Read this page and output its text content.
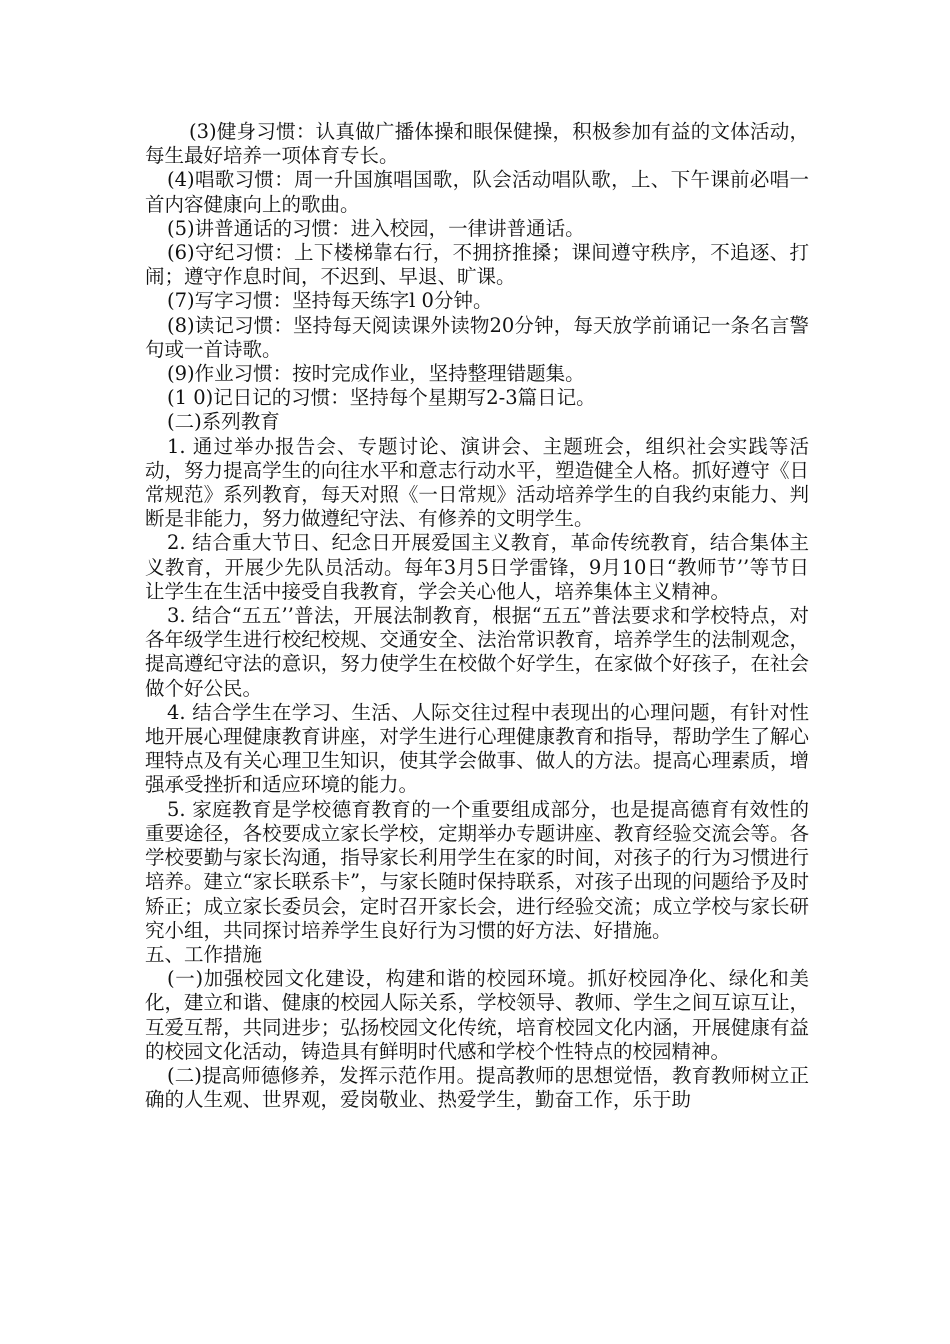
(3)健身习惯：认真做广播体操和眼保健操，积极参加有益的文体活动，每生最好培养一项体育专长。

(4)唱歌习惯：周一升国旗唱国歌，队会活动唱队歌，上、下午课前必唱一首内容健康向上的歌曲。

(5)讲普通话的习惯：进入校园，一律讲普通话。

(6)守纪习惯：上下楼梯靠右行，不拥挤推搡；课间遵守秩序，不追逐、打闹；遵守作息时间，不迟到、早退、旷课。

(7)写字习惯：坚持每天练字l 0分钟。

(8)读记习惯：坚持每天阅读课外读物20分钟，每天放学前诵记一条名言警句或一首诗歌。

(9)作业习惯：按时完成作业，坚持整理错题集。

(1 0)记日记的习惯：坚持每个星期写2-3篇日记。

(二)系列教育

1. 通过举办报告会、专题讨论、演讲会、主题班会，组织社会实践等活动，努力提高学生的向往水平和意志行动水平，塑造健全人格。抓好遵守《日常规范》系列教育，每天对照《一日常规》活动培养学生的自我约束能力、判断是非能力，努力做遵纪守法、有修养的文明学生。

2. 结合重大节日、纪念日开展爱国主义教育，革命传统教育，结合集体主义教育，开展少先队员活动。每年3月5日学雷锋，9月10日“教师节’’等节日让学生在生活中接受自我教育，学会关心他人，培养集体主义精神。

3. 结合“五五’’普法，开展法制教育，根据“五五”普法要求和学校特点，对各年级学生进行校纪校规、交通安全、法治常识教育，培养学生的法制观念，提高遵纪守法的意识，努力使学生在校做个好学生，在家做个好孩子，在社会做个好公民。

4. 结合学生在学习、生活、人际交往过程中表现出的心理问题，有针对性地开展心理健康教育讲座，对学生进行心理健康教育和指导，帮助学生了解心理特点及有关心理卫生知识，使其学会做事、做人的方法。提高心理素质，增强承受挫折和适应环境的能力。

5. 家庭教育是学校德育教育的一个重要组成部分，也是提高德育有效性的重要途径，各校要成立家长学校，定期举办专题讲座、教育经验交流会等。各学校要勤与家长沟通，指导家长利用学生在家的时间，对孩子的行为习惯进行培养。建立“家长联系卡”，与家长随时保持联系，对孩子出现的问题给予及时矫正；成立家长委员会，定时召开家长会，进行经验交流；成立学校与家长研究小组，共同探讨培养学生良好行为习惯的好方法、好措施。

五、工作措施

(一)加强校园文化建设，构建和谐的校园环境。抓好校园净化、绿化和美化，建立和谐、健康的校园人际关系，学校领导、教师、学生之间互谅互让，互爱互帮，共同进步；弘扬校园文化传统，培育校园文化内涵，开展健康有益的校园文化活动，铸造具有鲜明时代感和学校个性特点的校园精神。

(二)提高师德修养，发挥示范作用。提高教师的思想觉悟，教育教师树立正确的人生观、世界观，爱岗敬业、热爱学生，勤奋工作，乐于助
